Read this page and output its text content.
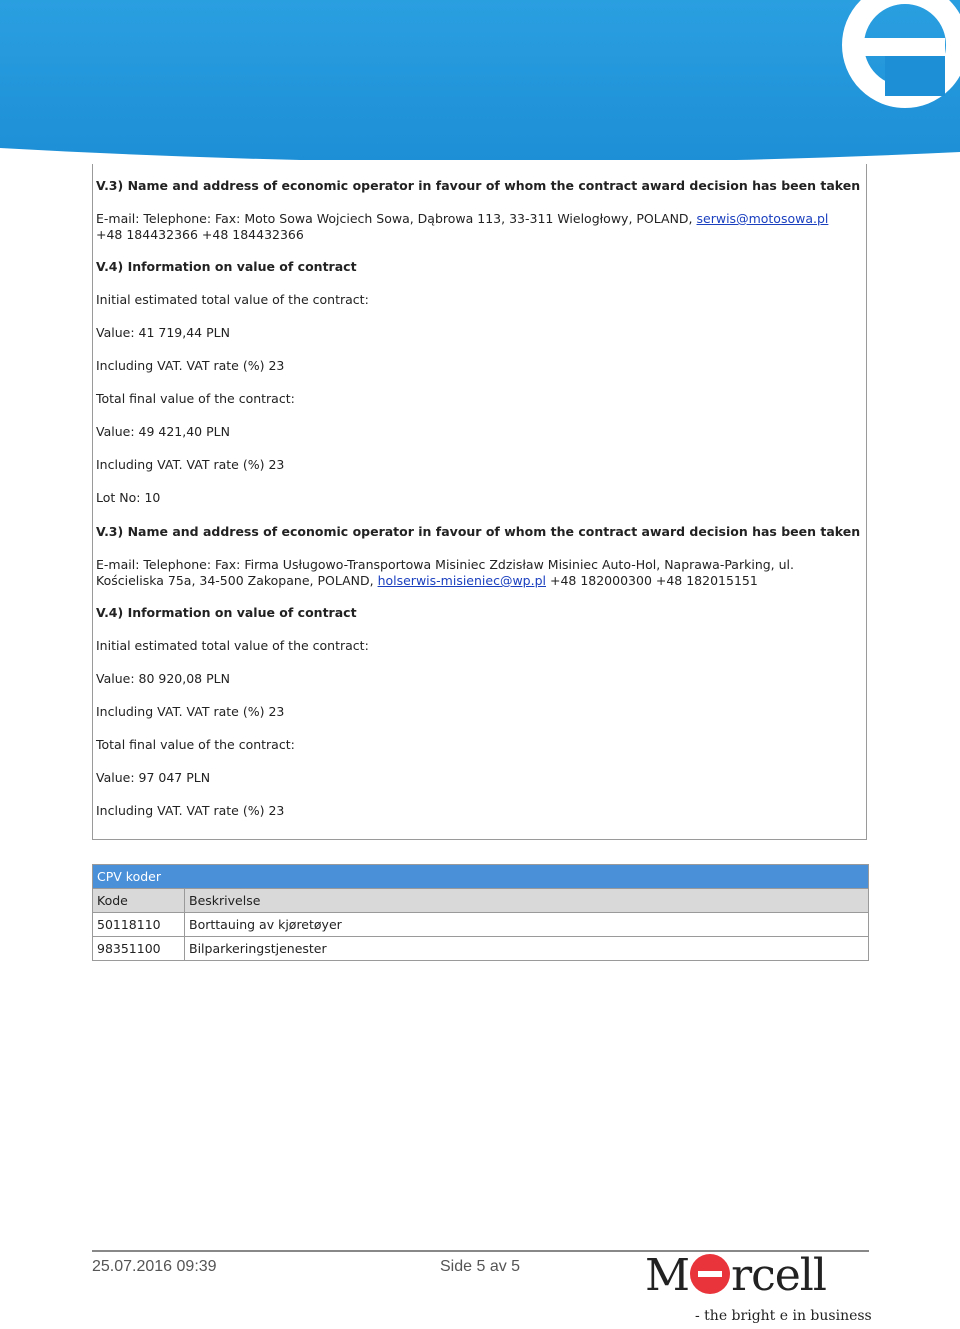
V.3) Name and address of economic operator in favour of whom the contract award decision has been taken

E-mail: Telephone: Fax: Moto Sowa Wojciech Sowa, Dąbrowa 113, 33-311 Wielogłowy, POLAND, serwis@motosowa.pl +48 184432366 +48 184432366

V.4) Information on value of contract

Initial estimated total value of the contract:

Value: 41 719,44 PLN

Including VAT. VAT rate (%) 23

Total final value of the contract:

Value: 49 421,40 PLN

Including VAT. VAT rate (%) 23

Lot No: 10

V.3) Name and address of economic operator in favour of whom the contract award decision has been taken

E-mail: Telephone: Fax: Firma Usługowo-Transportowa Misiniec Zdzisław Misiniec Auto-Hol, Naprawa-Parking, ul. Kościeliska 75a, 34-500 Zakopane, POLAND, holserwis-misieniec@wp.pl +48 182000300 +48 182015151

V.4) Information on value of contract

Initial estimated total value of the contract:

Value: 80 920,08 PLN

Including VAT. VAT rate (%) 23

Total final value of the contract:

Value: 97 047 PLN

Including VAT. VAT rate (%) 23

CPV koder	
Kode	Beskrivelse
50118110	Borttauing av kjøretøyer
98351100	Bilparkeringstjenester
25.07.2016 09:39	Side 5 av 5	M rcell
- the bright e in business
